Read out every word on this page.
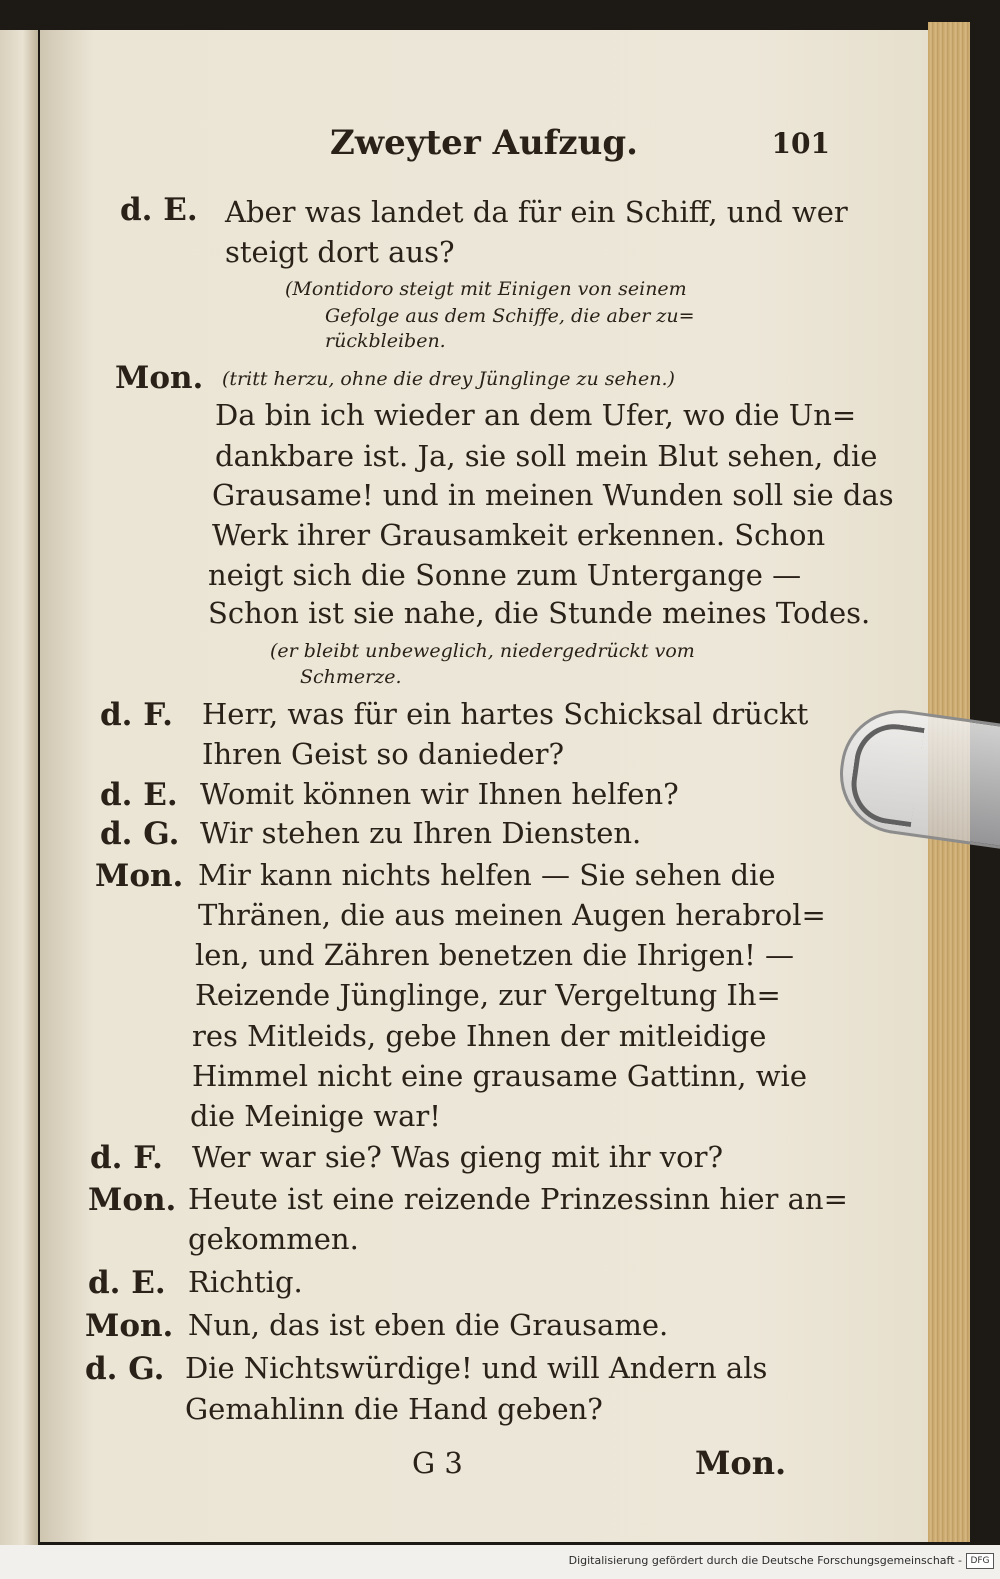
Zweyter Aufzug.	101
d. E. Aber was landet da für ein Schiff, und wer
steigt dort aus?
(Montidoro steigt mit Einigen von seinem
Gefolge aus dem Schiffe, die aber zu=
rückbleiben.
Mon. (tritt herzu, ohne die drey Jünglinge zu sehen.)
Da bin ich wieder an dem Ufer, wo die Un=
dankbare ist. Ja, sie soll mein Blut sehen, die
Grausame! und in meinen Wunden soll sie das
Werk ihrer Grausamkeit erkennen. Schon
neigt sich die Sonne zum Untergange —
Schon ist sie nahe, die Stunde meines Todes.
(er bleibt unbeweglich, niedergedrückt vom
Schmerze.
d. F. Herr, was für ein hartes Schicksal drückt
Ihren Geist so danieder?
d. E. Womit können wir Ihnen helfen?
d. G. Wir stehen zu Ihren Diensten.
Mon. Mir kann nichts helfen — Sie sehen die
Thränen, die aus meinen Augen herabrol=
len, und Zähren benetzen die Ihrigen! —
Reizende Jünglinge, zur Vergeltung Ih=
res Mitleids, gebe Ihnen der mitleidige
Himmel nicht eine grausame Gattinn, wie
die Meinige war!
d. F. Wer war sie? Was gieng mit ihr vor?
Mon. Heute ist eine reizende Prinzessinn hier an=
gekommen.
d. E. Richtig.
Mon. Nun, das ist eben die Grausame.
d. G. Die Nichtswürdige! und will Andern als
Gemahlinn die Hand geben?
G 3	Mon.
Digitalisierung gefördert durch die Deutsche Forschungsgemeinschaft - DFG
